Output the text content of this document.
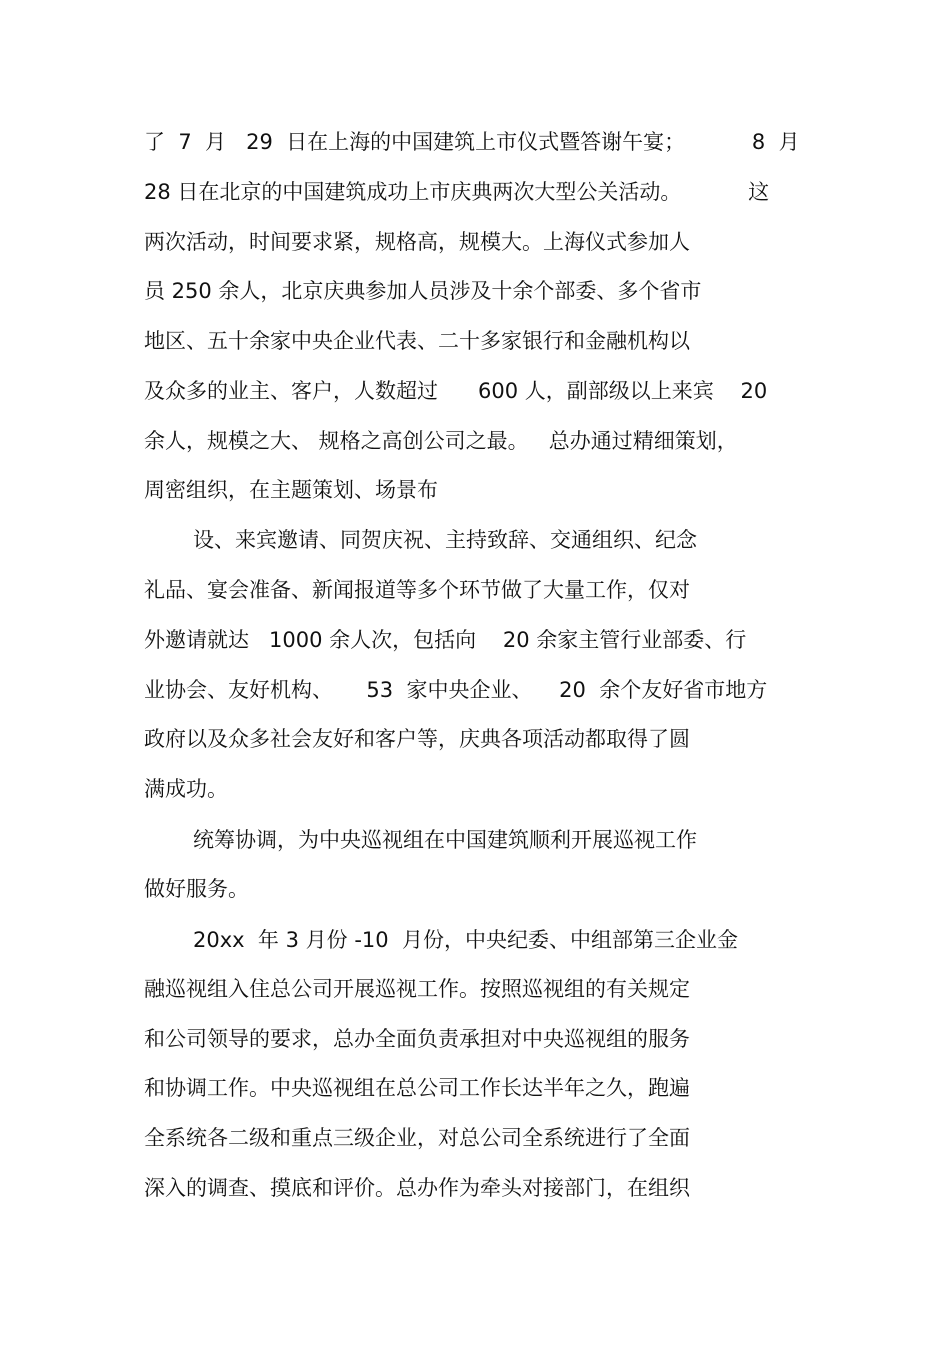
了  7  月   29  日在上海的中国建筑上市仪式暨答谢午宴；          8  月

28 日在北京的中国建筑成功上市庆典两次大型公关活动。          这

两次活动，时间要求紧，规格高，规模大。上海仪式参加人

员 250 余人，北京庆典参加人员涉及十余个部委、多个省市

地区、五十余家中央企业代表、二十多家银行和金融机构以

及众多的业主、客户，人数超过      600 人，副部级以上来宾    20

余人，规模之大、 规格之高创公司之最。   总办通过精细策划，

周密组织，在主题策划、场景布

设、来宾邀请、同贺庆祝、主持致辞、交通组织、纪念

礼品、宴会准备、新闻报道等多个环节做了大量工作，仅对

外邀请就达   1000 余人次，包括向    20 余家主管行业部委、行

业协会、友好机构、     53  家中央企业、    20  余个友好省市地方

政府以及众多社会友好和客户等，庆典各项活动都取得了圆

满成功。

统筹协调，为中央巡视组在中国建筑顺利开展巡视工作

做好服务。

20xx  年 3 月份 -10  月份，中央纪委、中组部第三企业金

融巡视组入住总公司开展巡视工作。按照巡视组的有关规定

和公司领导的要求，总办全面负责承担对中央巡视组的服务

和协调工作。中央巡视组在总公司工作长达半年之久，跑遍

全系统各二级和重点三级企业，对总公司全系统进行了全面

深入的调查、摸底和评价。总办作为牵头对接部门，在组织
